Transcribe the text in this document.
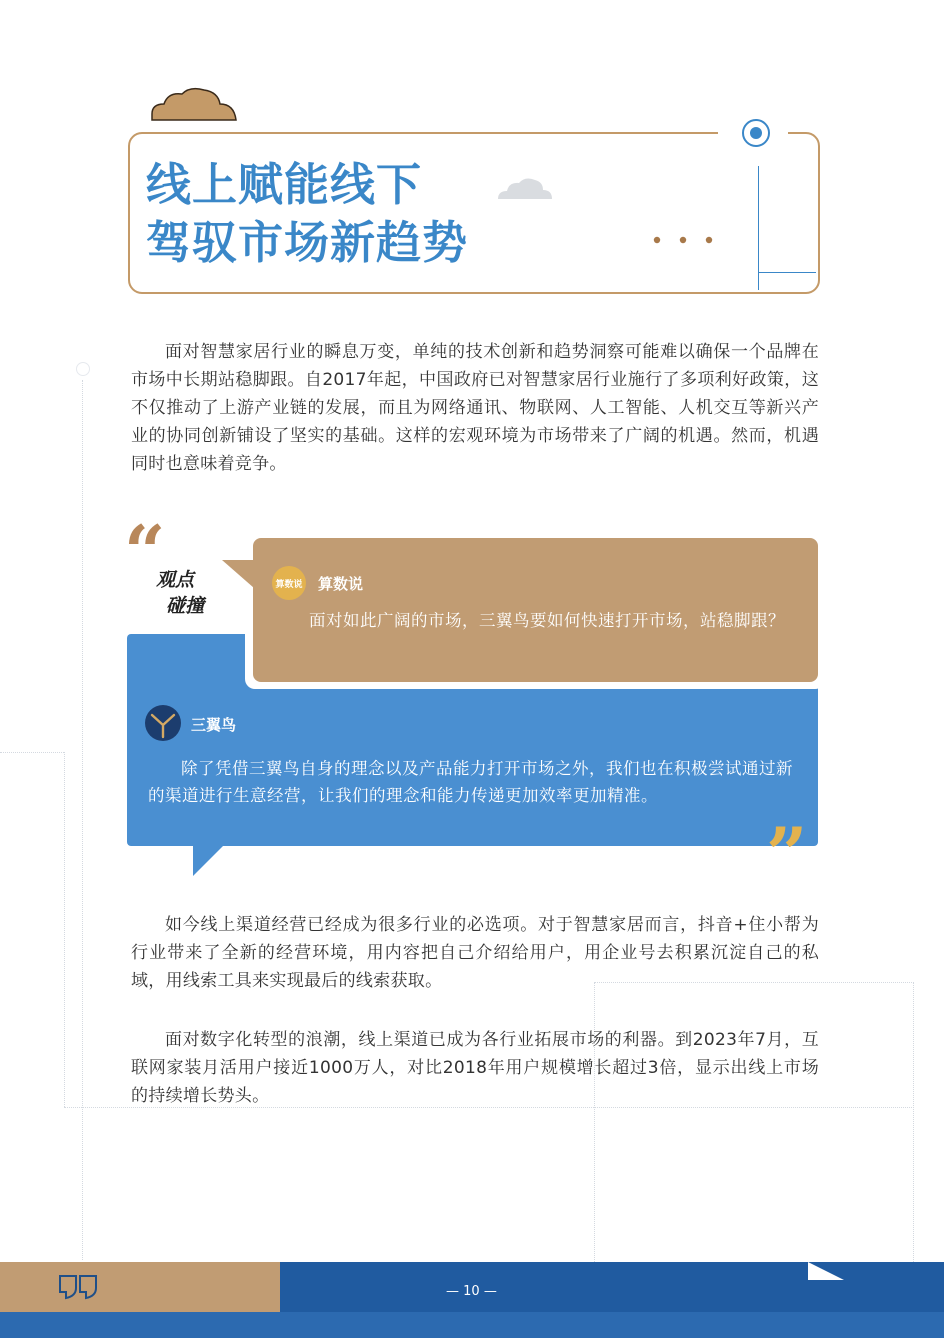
线上赋能线下
驾驭市场新趋势

面对智慧家居行业的瞬息万变，单纯的技术创新和趋势洞察可能难以确保一个品牌在市场中长期站稳脚跟。自2017年起，中国政府已对智慧家居行业施行了多项利好政策，这不仅推动了上游产业链的发展，而且为网络通讯、物联网、人工智能、人机交互等新兴产业的协同创新铺设了坚实的基础。这样的宏观环境为市场带来了广阔的机遇。然而，机遇同时也意味着竞争。

“
观点
碰撞
算数说 算数说

面对如此广阔的市场，三翼鸟要如何快速打开市场，站稳脚跟？

三翼鸟

除了凭借三翼鸟自身的理念以及产品能力打开市场之外，我们也在积极尝试通过新的渠道进行生意经营，让我们的理念和能力传递更加效率更加精准。

”

如今线上渠道经营已经成为很多行业的必选项。对于智慧家居而言，抖音+住小帮为行业带来了全新的经营环境，用内容把自己介绍给用户，用企业号去积累沉淀自己的私域，用线索工具来实现最后的线索获取。

面对数字化转型的浪潮，线上渠道已成为各行业拓展市场的利器。到2023年7月，互联网家装月活用户接近1000万人，对比2018年用户规模增长超过3倍，显示出线上市场的持续增长势头。

— 10 —
